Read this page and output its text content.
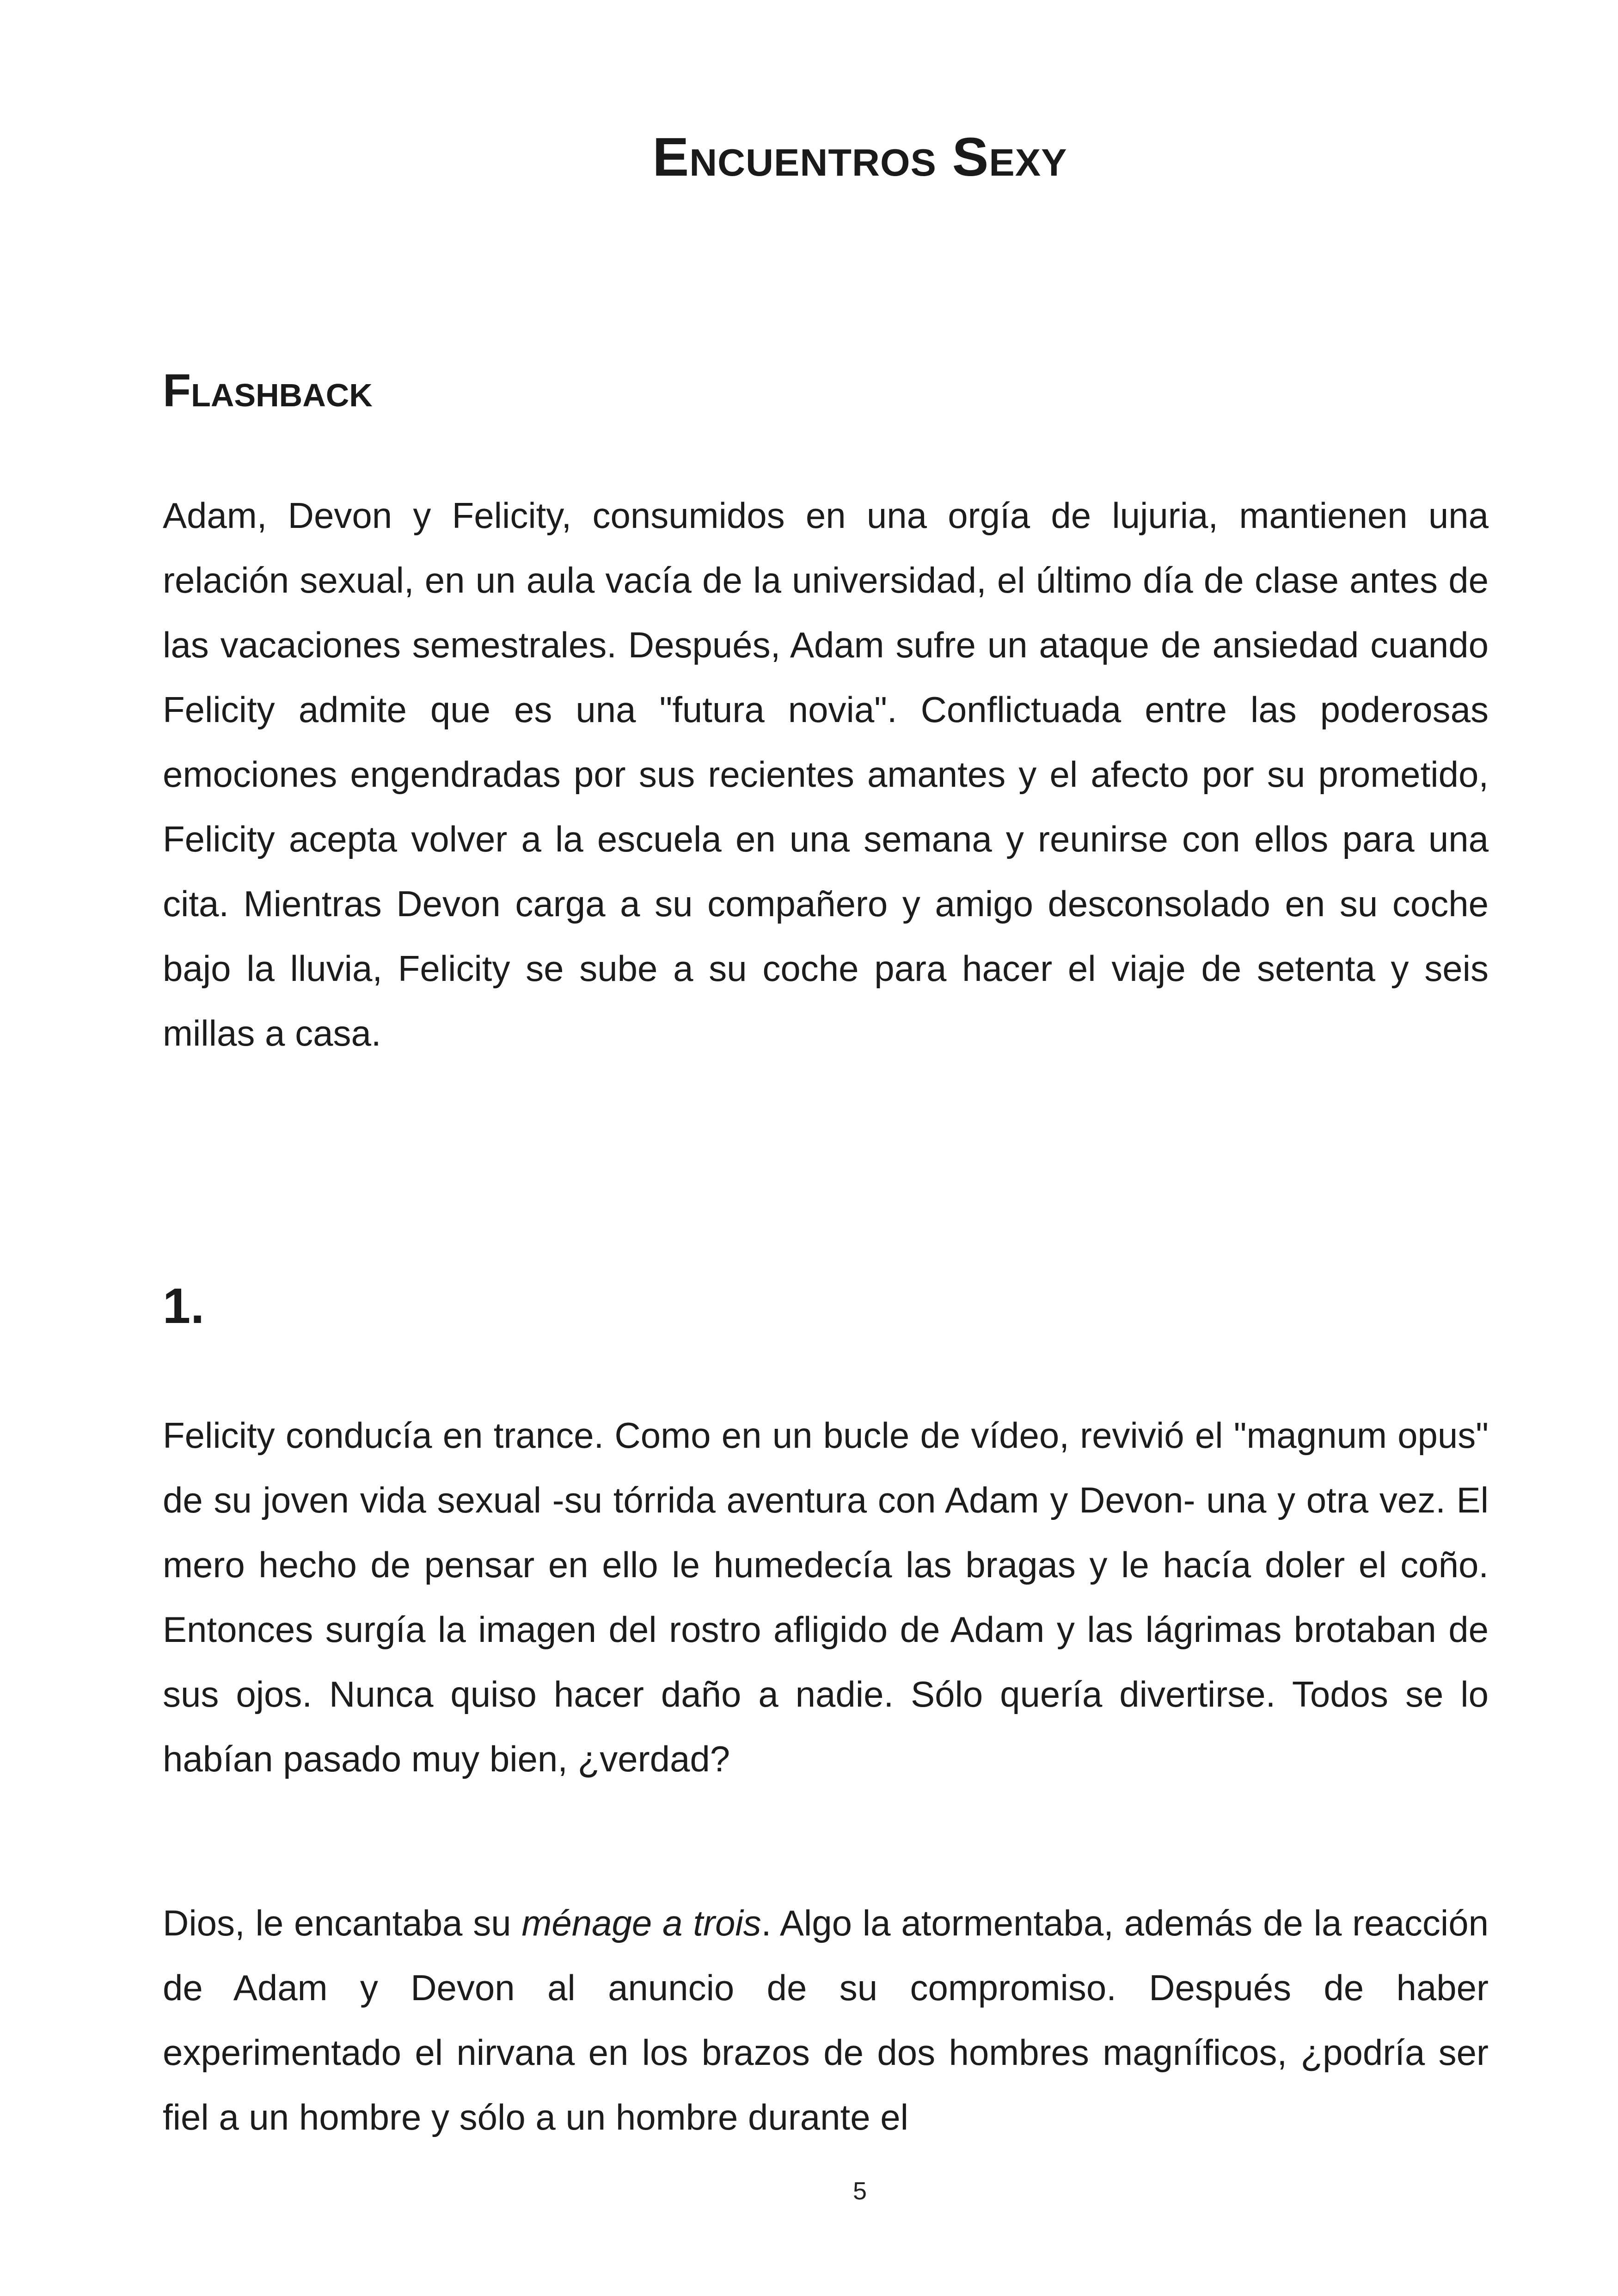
Encuentros Sexy
Flashback

Adam, Devon y Felicity, consumidos en una orgía de lujuria, mantienen una relación sexual, en un aula vacía de la universidad, el último día de clase antes de las vacaciones semestrales. Después, Adam sufre un ataque de ansiedad cuando Felicity admite que es una "futura novia". Conflictuada entre las poderosas emociones engendradas por sus recientes amantes y el afecto por su prometido, Felicity acepta volver a la escuela en una semana y reunirse con ellos para una cita. Mientras Devon carga a su compañero y amigo desconsolado en su coche bajo la lluvia, Felicity se sube a su coche para hacer el viaje de setenta y seis millas a casa.

1.

Felicity conducía en trance. Como en un bucle de vídeo, revivió el "magnum opus" de su joven vida sexual -su tórrida aventura con Adam y Devon- una y otra vez. El mero hecho de pensar en ello le humedecía las bragas y le hacía doler el coño. Entonces surgía la imagen del rostro afligido de Adam y las lágrimas brotaban de sus ojos. Nunca quiso hacer daño a nadie. Sólo quería divertirse. Todos se lo habían pasado muy bien, ¿verdad?

Dios, le encantaba su ménage a trois. Algo la atormentaba, además de la reacción de Adam y Devon al anuncio de su compromiso. Después de haber experimentado el nirvana en los brazos de dos hombres magníficos, ¿podría ser fiel a un hombre y sólo a un hombre durante el

5
